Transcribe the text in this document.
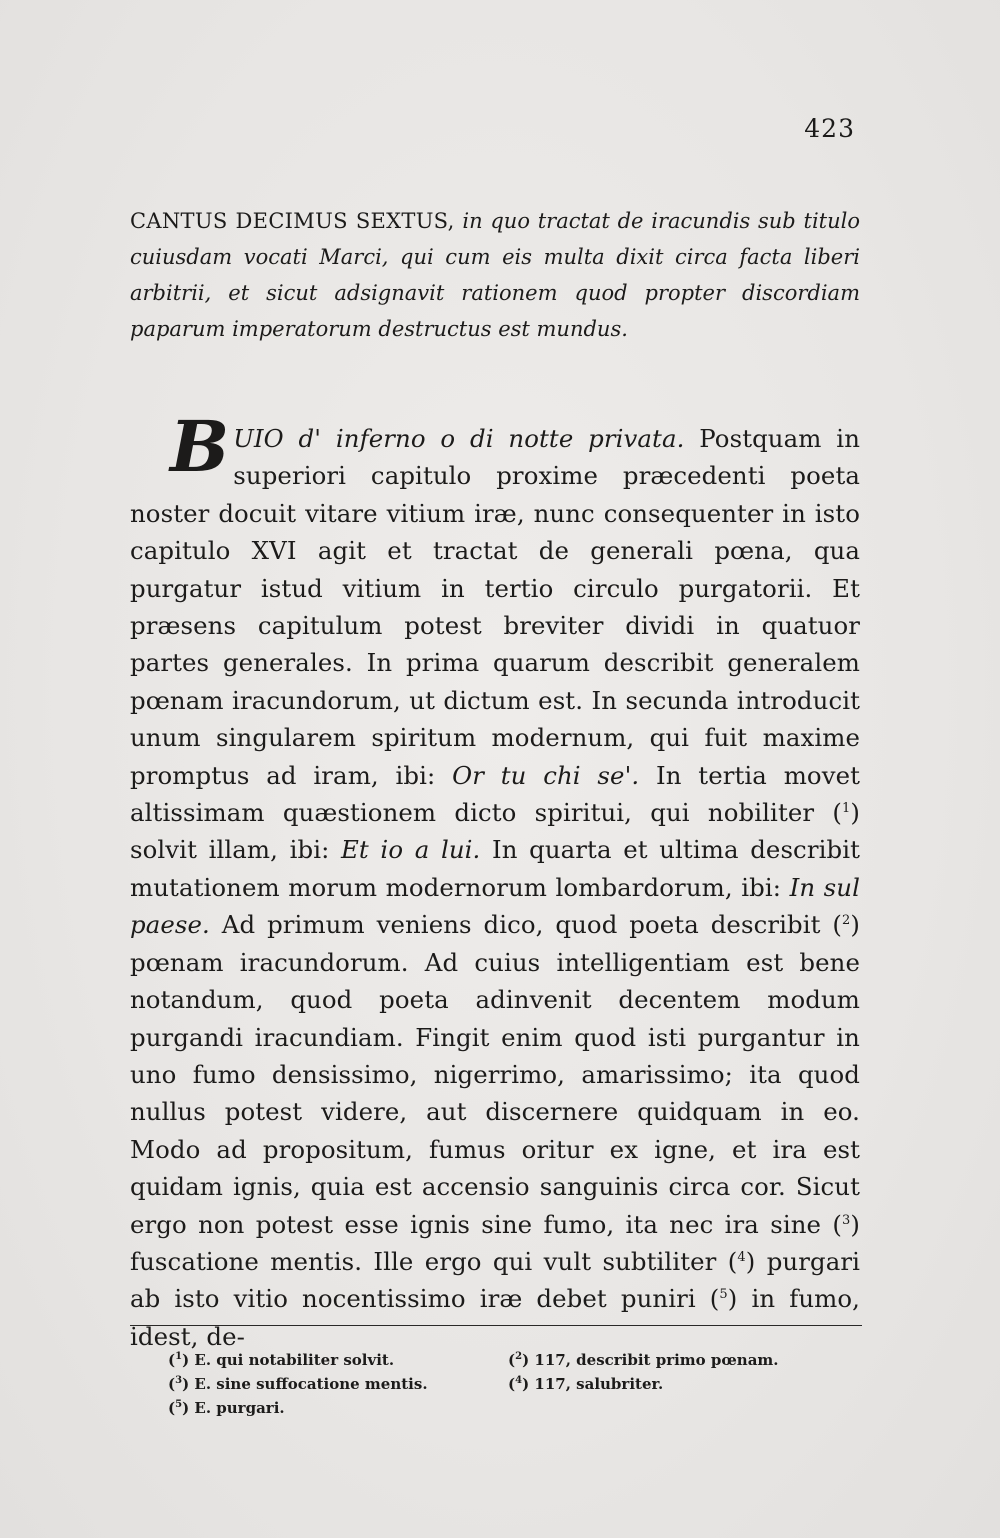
423
CANTUS DECIMUS SEXTUS, in quo tractat de iracundis sub titulo cuiusdam vocati Marci, qui cum eis multa dixit circa facta liberi arbitrii, et sicut adsignavit rationem quod propter discordiam paparum imperatorum destructus est mundus.
BUIO d' inferno o di notte privata. Postquam in superiori capitulo proxime præcedenti poeta noster docuit vitare vitium iræ, nunc consequenter in isto capitulo XVI agit et tractat de generali pœna, qua purgatur istud vitium in tertio circulo purgatorii. Et præsens capitulum potest breviter dividi in quatuor partes generales. In prima quarum describit generalem pœnam iracundorum, ut dictum est. In secunda introducit unum singularem spiritum modernum, qui fuit maxime promptus ad iram, ibi: Or tu chi se'. In tertia movet altissimam quæstionem dicto spiritui, qui nobiliter ($^1$) solvit illam, ibi: Et io a lui. In quarta et ultima describit mutationem morum modernorum lombardorum, ibi: In sul paese. Ad primum veniens dico, quod poeta describit ($^2$) pœnam iracundorum. Ad cuius intelligentiam est bene notandum, quod poeta adinvenit decentem modum purgandi iracundiam. Fingit enim quod isti purgantur in uno fumo densissimo, nigerrimo, amarissimo; ita quod nullus potest videre, aut discernere quidquam in eo. Modo ad propositum, fumus oritur ex igne, et ira est quidam ignis, quia est accensio sanguinis circa cor. Sicut ergo non potest esse ignis sine fumo, ita nec ira sine ($^3$) fuscatione mentis. Ille ergo qui vult subtiliter ($^4$) purgari ab isto vitio nocentissimo iræ debet puniri ($^5$) in fumo, idest, de-
($^1$) E. qui notabiliter solvit.	($^2$) 117, describit primo pœnam.
($^3$) E. sine suffocatione mentis.	($^4$) 117, salubriter.
($^5$) E. purgari.
